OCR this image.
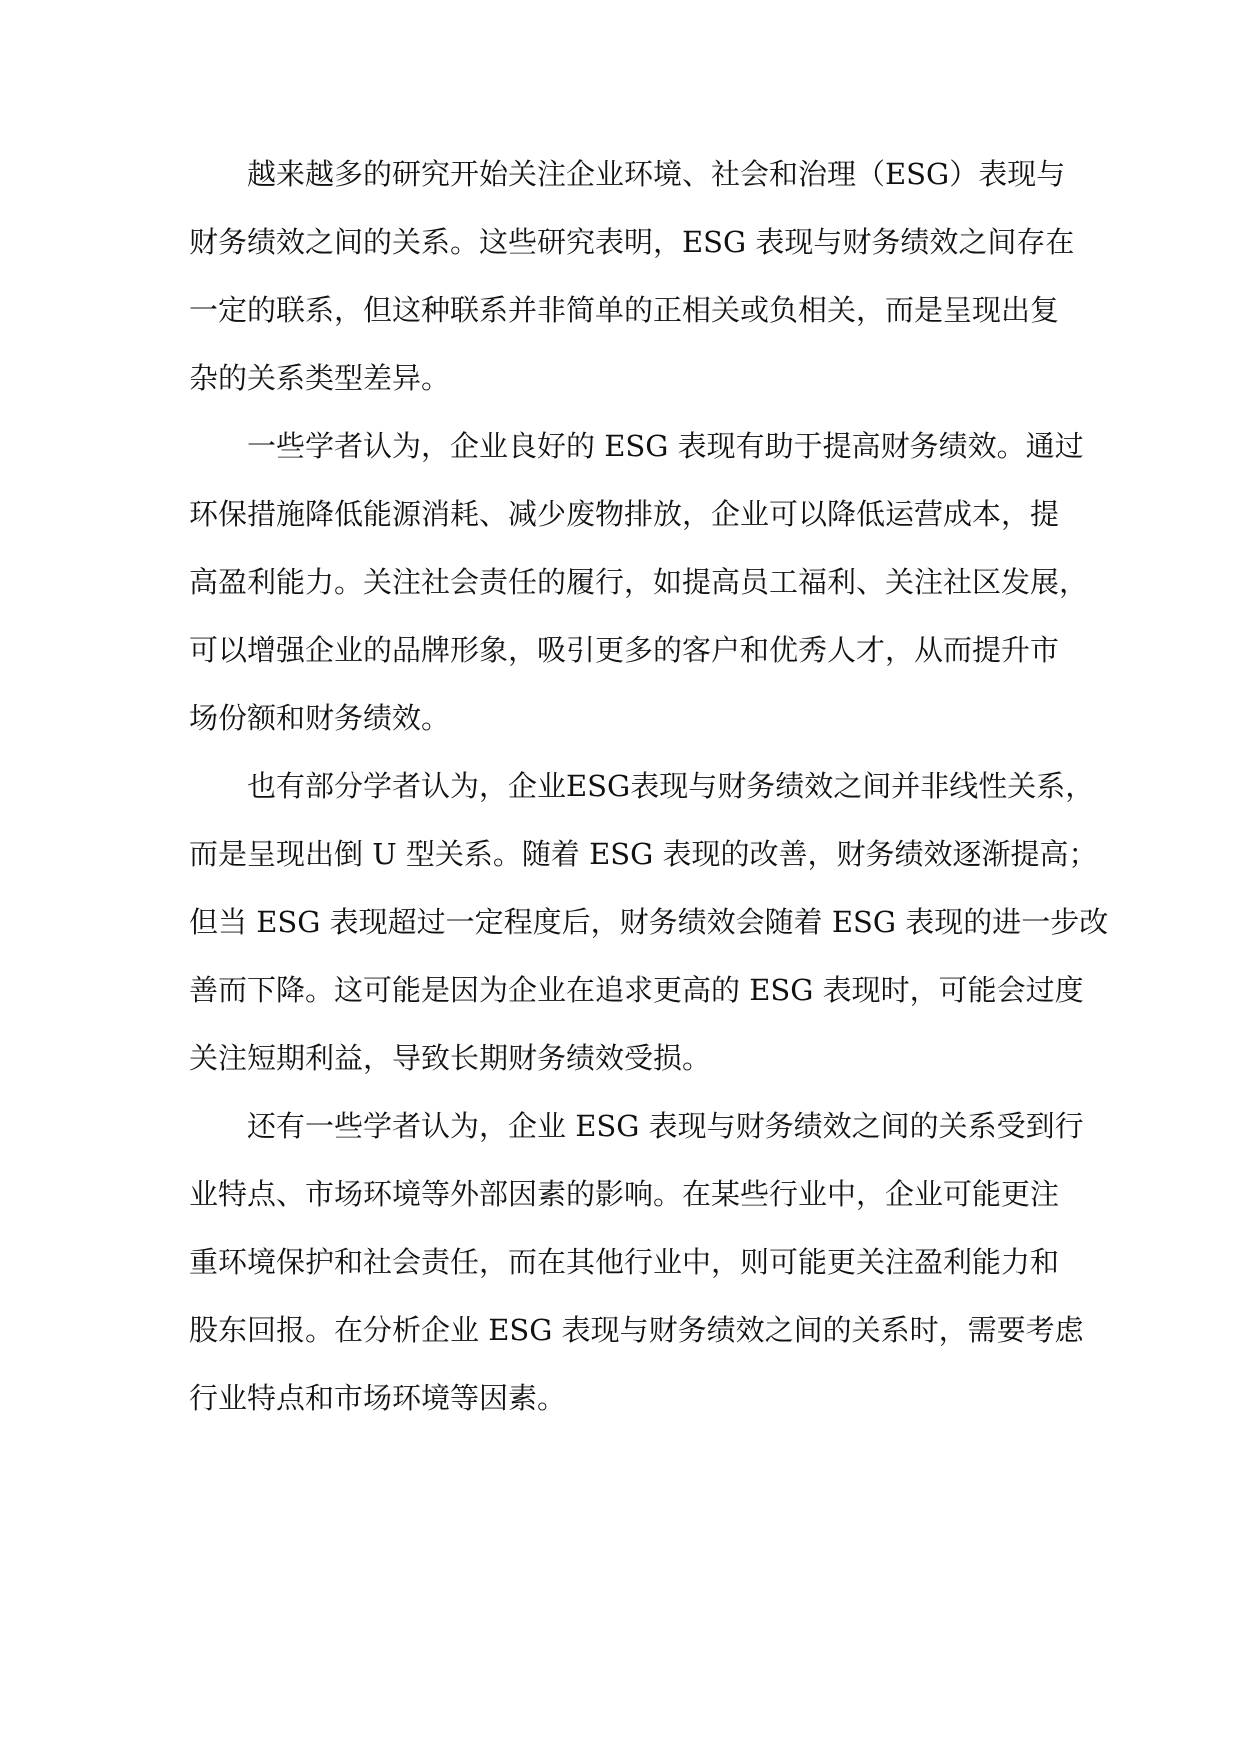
越来越多的研究开始关注企业环境、社会和治理（ESG）表现与
财务绩效之间的关系。这些研究表明，ESG 表现与财务绩效之间存在
一定的联系，但这种联系并非简单的正相关或负相关，而是呈现出复
杂的关系类型差异。
一些学者认为，企业良好的 ESG 表现有助于提高财务绩效。通过
环保措施降低能源消耗、减少废物排放，企业可以降低运营成本，提
高盈利能力。关注社会责任的履行，如提高员工福利、关注社区发展，
可以增强企业的品牌形象，吸引更多的客户和优秀人才，从而提升市
场份额和财务绩效。
也有部分学者认为，企业ESG表现与财务绩效之间并非线性关系，
而是呈现出倒 U 型关系。随着 ESG 表现的改善，财务绩效逐渐提高；
但当 ESG 表现超过一定程度后，财务绩效会随着 ESG 表现的进一步改
善而下降。这可能是因为企业在追求更高的 ESG 表现时，可能会过度
关注短期利益，导致长期财务绩效受损。
还有一些学者认为，企业 ESG 表现与财务绩效之间的关系受到行
业特点、市场环境等外部因素的影响。在某些行业中，企业可能更注
重环境保护和社会责任，而在其他行业中，则可能更关注盈利能力和
股东回报。在分析企业 ESG 表现与财务绩效之间的关系时，需要考虑
行业特点和市场环境等因素。
